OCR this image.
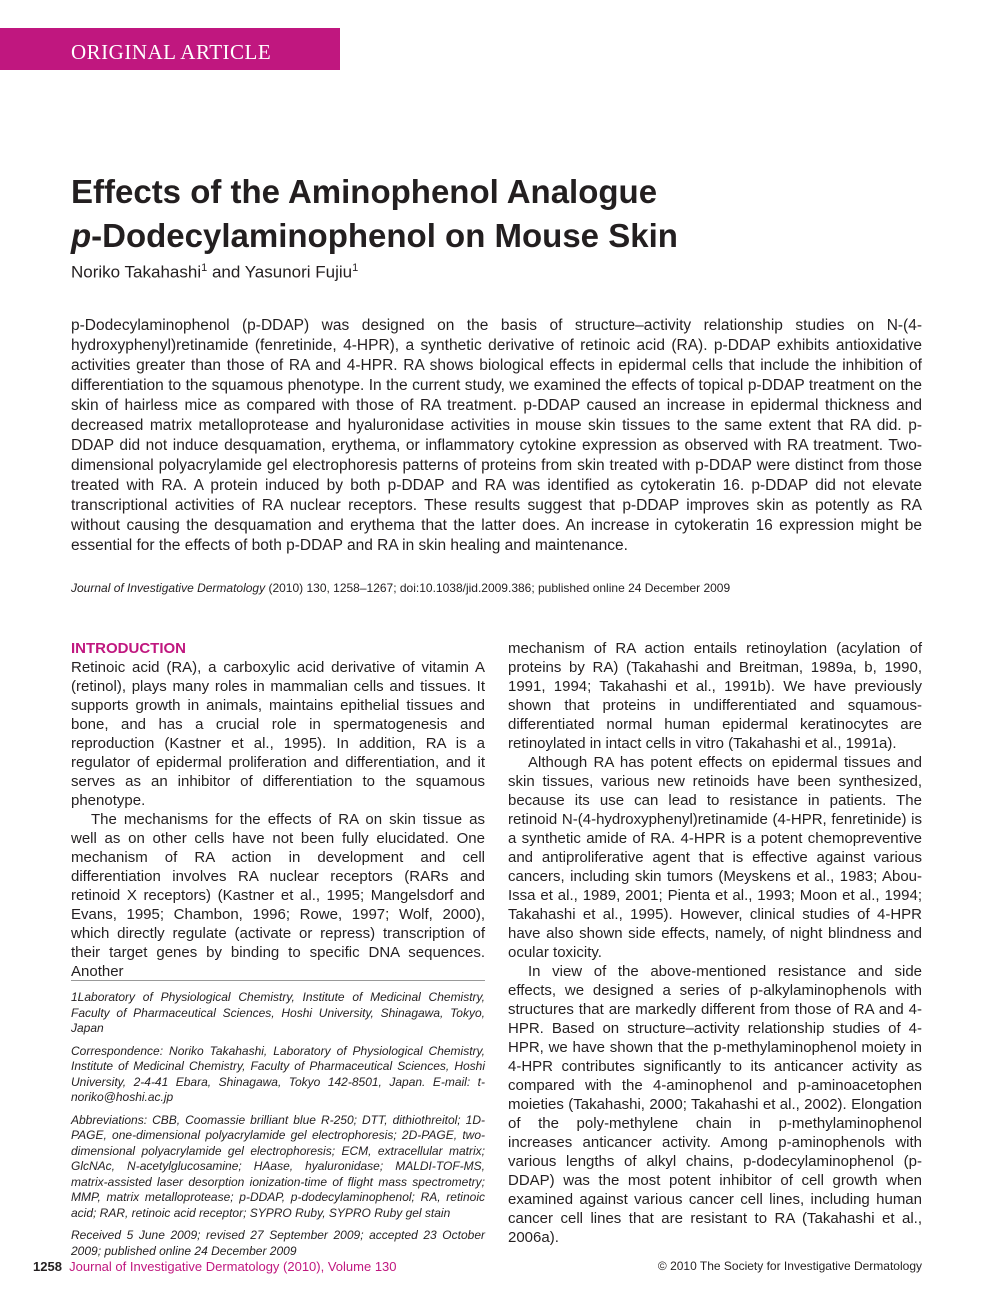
ORIGINAL ARTICLE
Effects of the Aminophenol Analogue
p-Dodecylaminophenol on Mouse Skin
Noriko Takahashi$^1$ and Yasunori Fujiu$^1$
p-Dodecylaminophenol (p-DDAP) was designed on the basis of structure–activity relationship studies on N-(4-hydroxyphenyl)retinamide (fenretinide, 4-HPR), a synthetic derivative of retinoic acid (RA). p-DDAP exhibits antioxidative activities greater than those of RA and 4-HPR. RA shows biological effects in epidermal cells that include the inhibition of differentiation to the squamous phenotype. In the current study, we examined the effects of topical p-DDAP treatment on the skin of hairless mice as compared with those of RA treatment. p-DDAP caused an increase in epidermal thickness and decreased matrix metalloprotease and hyaluronidase activities in mouse skin tissues to the same extent that RA did. p-DDAP did not induce desquamation, erythema, or inflammatory cytokine expression as observed with RA treatment. Two-dimensional polyacrylamide gel electrophoresis patterns of proteins from skin treated with p-DDAP were distinct from those treated with RA. A protein induced by both p-DDAP and RA was identified as cytokeratin 16. p-DDAP did not elevate transcriptional activities of RA nuclear receptors. These results suggest that p-DDAP improves skin as potently as RA without causing the desquamation and erythema that the latter does. An increase in cytokeratin 16 expression might be essential for the effects of both p-DDAP and RA in skin healing and maintenance.
Journal of Investigative Dermatology (2010) 130, 1258–1267; doi:10.1038/jid.2009.386; published online 24 December 2009

INTRODUCTION

Retinoic acid (RA), a carboxylic acid derivative of vitamin A (retinol), plays many roles in mammalian cells and tissues. It supports growth in animals, maintains epithelial tissues and bone, and has a crucial role in spermatogenesis and reproduction (Kastner et al., 1995). In addition, RA is a regulator of epidermal proliferation and differentiation, and it serves as an inhibitor of differentiation to the squamous phenotype.

The mechanisms for the effects of RA on skin tissue as well as on other cells have not been fully elucidated. One mechanism of RA action in development and cell differentiation involves RA nuclear receptors (RARs and retinoid X receptors) (Kastner et al., 1995; Mangelsdorf and Evans, 1995; Chambon, 1996; Rowe, 1997; Wolf, 2000), which directly regulate (activate or repress) transcription of their target genes by binding to specific DNA sequences. Another

mechanism of RA action entails retinoylation (acylation of proteins by RA) (Takahashi and Breitman, 1989a, b, 1990, 1991, 1994; Takahashi et al., 1991b). We have previously shown that proteins in undifferentiated and squamous-differentiated normal human epidermal keratinocytes are retinoylated in intact cells in vitro (Takahashi et al., 1991a).

Although RA has potent effects on epidermal tissues and skin tissues, various new retinoids have been synthesized, because its use can lead to resistance in patients. The retinoid N-(4-hydroxyphenyl)retinamide (4-HPR, fenretinide) is a synthetic amide of RA. 4-HPR is a potent chemopreventive and antiproliferative agent that is effective against various cancers, including skin tumors (Meyskens et al., 1983; Abou-Issa et al., 1989, 2001; Pienta et al., 1993; Moon et al., 1994; Takahashi et al., 1995). However, clinical studies of 4-HPR have also shown side effects, namely, of night blindness and ocular toxicity.

In view of the above-mentioned resistance and side effects, we designed a series of p-alkylaminophenols with structures that are markedly different from those of RA and 4-HPR. Based on structure–activity relationship studies of 4-HPR, we have shown that the p-methylaminophenol moiety in 4-HPR contributes significantly to its anticancer activity as compared with the 4-aminophenol and p-aminoacetophen moieties (Takahashi, 2000; Takahashi et al., 2002). Elongation of the poly-methylene chain in p-methylaminophenol increases anticancer activity. Among p-aminophenols with various lengths of alkyl chains, p-dodecylaminophenol (p-DDAP) was the most potent inhibitor of cell growth when examined against various cancer cell lines, including human cancer cell lines that are resistant to RA (Takahashi et al., 2006a).

1Laboratory of Physiological Chemistry, Institute of Medicinal Chemistry, Faculty of Pharmaceutical Sciences, Hoshi University, Shinagawa, Tokyo, Japan

Correspondence: Noriko Takahashi, Laboratory of Physiological Chemistry, Institute of Medicinal Chemistry, Faculty of Pharmaceutical Sciences, Hoshi University, 2-4-41 Ebara, Shinagawa, Tokyo 142-8501, Japan. E-mail: t-noriko@hoshi.ac.jp

Abbreviations: CBB, Coomassie brilliant blue R-250; DTT, dithiothreitol; 1D-PAGE, one-dimensional polyacrylamide gel electrophoresis; 2D-PAGE, two-dimensional polyacrylamide gel electrophoresis; ECM, extracellular matrix; GlcNAc, N-acetylglucosamine; HAase, hyaluronidase; MALDI-TOF-MS, matrix-assisted laser desorption ionization-time of flight mass spectrometry; MMP, matrix metalloprotease; p-DDAP, p-dodecylaminophenol; RA, retinoic acid; RAR, retinoic acid receptor; SYPRO Ruby, SYPRO Ruby gel stain

Received 5 June 2009; revised 27 September 2009; accepted 23 October 2009; published online 24 December 2009

1258 Journal of Investigative Dermatology (2010), Volume 130	© 2010 The Society for Investigative Dermatology
